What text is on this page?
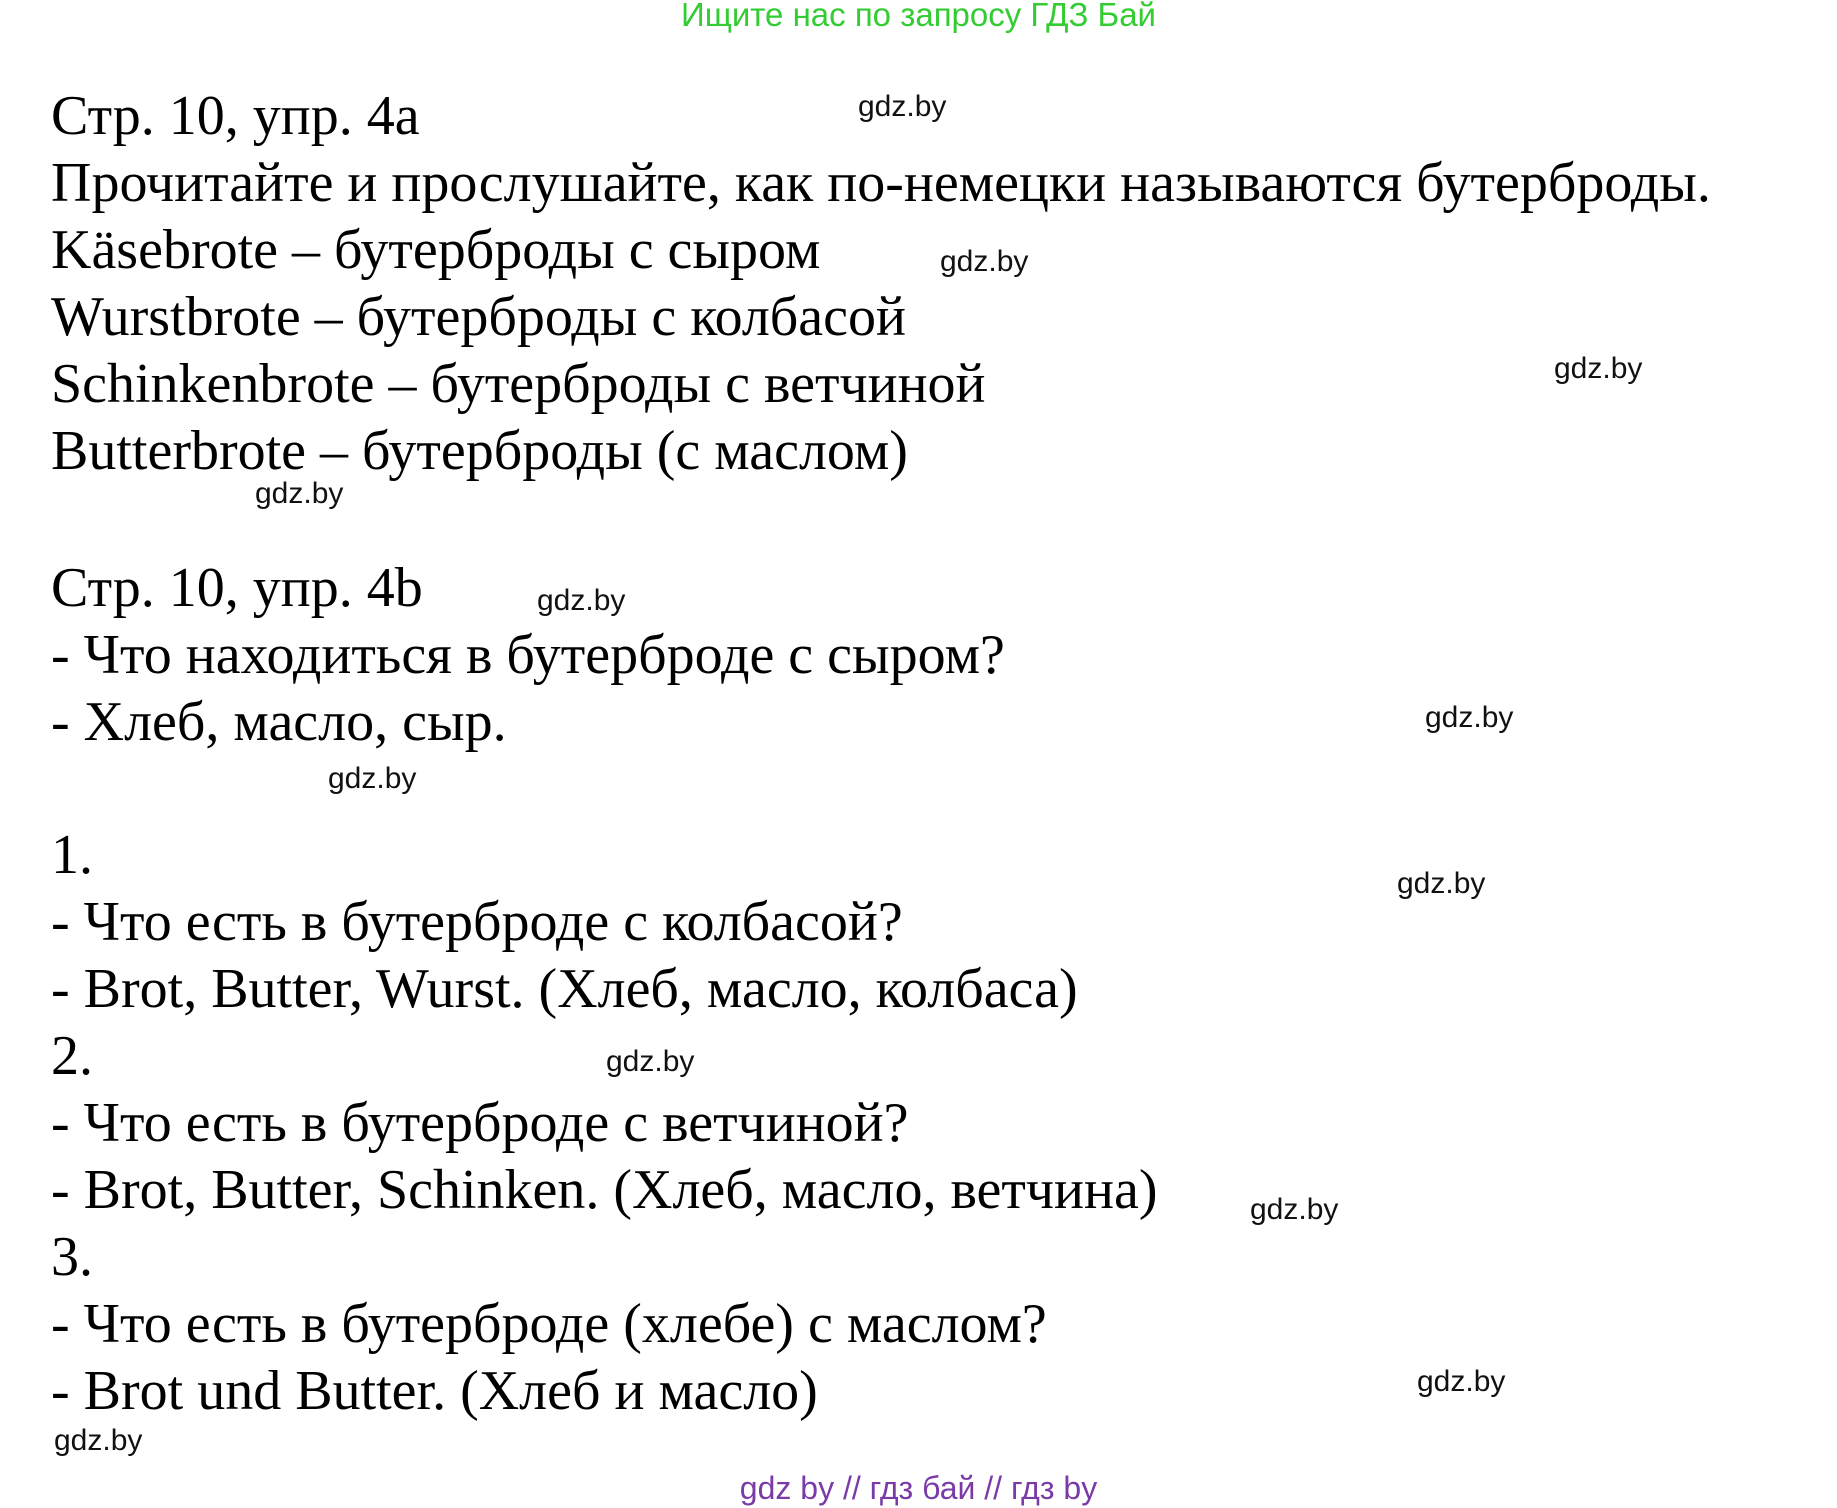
Ищите нас по запросу ГДЗ Бай
Стр. 10, упр. 4a
Прочитайте и прослушайте, как по-немецки называются бутерброды.
Käsebrote – бутерброды с сыром
Wurstbrote – бутерброды с колбасой
Schinkenbrote – бутерброды с ветчиной
Butterbrote – бутерброды (с маслом)
Стр. 10, упр. 4b
- Что находиться в бутерброде с сыром?
- Хлеб, масло, сыр.
1.
- Что есть в бутерброде с колбасой?
- Brot, Butter, Wurst. (Хлеб, масло, колбаса)
2.
- Что есть в бутерброде с ветчиной?
- Brot, Butter, Schinken. (Хлеб, масло, ветчина)
3.
- Что есть в бутерброде (хлебе) с маслом?
- Brot und Butter. (Хлеб и масло)
gdz.by
gdz.by
gdz.by
gdz.by
gdz.by
gdz.by
gdz.by
gdz.by
gdz.by
gdz.by
gdz.by
gdz.by
gdz by // гдз бай // гдз by
